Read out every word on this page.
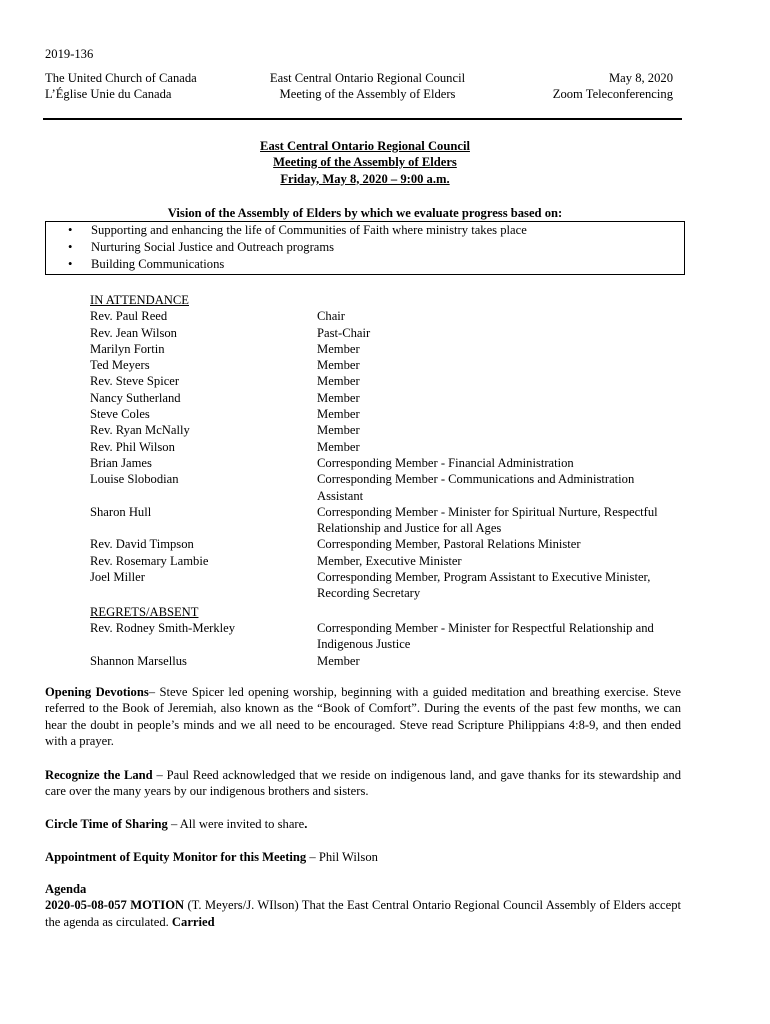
2019-136
The United Church of Canada
L’Église Unie du Canada
East Central Ontario Regional Council
Meeting of the Assembly of Elders
May 8, 2020
Zoom Teleconferencing
East Central Ontario Regional Council
Meeting of the Assembly of Elders
Friday, May 8, 2020 – 9:00 a.m.
Vision of the Assembly of Elders by which we evaluate progress based on:
• Supporting and enhancing the life of Communities of Faith where ministry takes place
• Nurturing Social Justice and Outreach programs
• Building Communications
IN ATTENDANCE
Rev. Paul Reed	Chair
Rev. Jean Wilson	Past-Chair
Marilyn Fortin	Member
Ted Meyers	Member
Rev. Steve Spicer	Member
Nancy Sutherland	Member
Steve Coles	Member
Rev. Ryan McNally	Member
Rev. Phil Wilson	Member
Brian James	Corresponding Member - Financial Administration
Louise Slobodian	Corresponding Member - Communications and Administration Assistant
Sharon Hull	Corresponding Member - Minister for Spiritual Nurture, Respectful Relationship and Justice for all Ages
Rev. David Timpson	Corresponding Member, Pastoral Relations Minister
Rev. Rosemary Lambie	Member, Executive Minister
Joel Miller	Corresponding Member, Program Assistant to Executive Minister, Recording Secretary
REGRETS/ABSENT
Rev. Rodney Smith-Merkley	Corresponding Member - Minister for Respectful Relationship and Indigenous Justice
Shannon Marsellus	Member
Opening Devotions– Steve Spicer led opening worship, beginning with a guided meditation and breathing exercise. Steve referred to the Book of Jeremiah, also known as the “Book of Comfort”. During the events of the past few months, we can hear the doubt in people’s minds and we all need to be encouraged. Steve read Scripture Philippians 4:8-9, and then ended with a prayer.
Recognize the Land – Paul Reed acknowledged that we reside on indigenous land, and gave thanks for its stewardship and care over the many years by our indigenous brothers and sisters.
Circle Time of Sharing – All were invited to share.
Appointment of Equity Monitor for this Meeting – Phil Wilson
Agenda
2020-05-08-057 MOTION (T. Meyers/J. WIlson) That the East Central Ontario Regional Council Assembly of Elders accept the agenda as circulated. Carried
